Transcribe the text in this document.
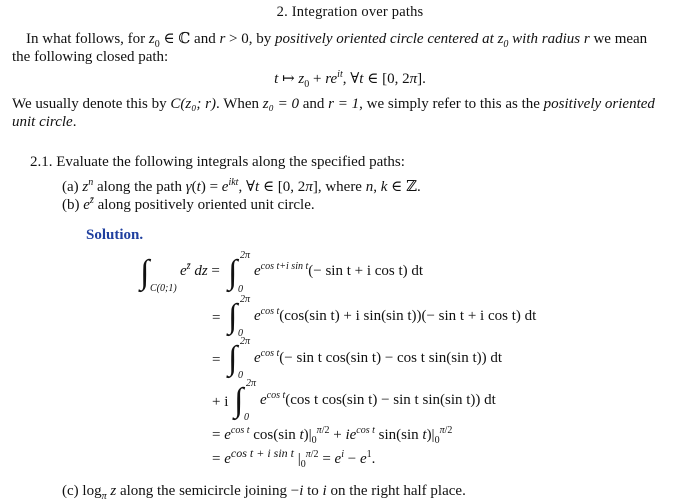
2. Integration over paths
In what follows, for $z_0$ ∈ ℂ and r > 0, by positively oriented circle centered at $z_0$ with radius r we mean
the following closed path:
t ↦ $z_0 + re^{it}$, ∀t ∈ [0, 2π].
We usually denote this by C(z₀; r). When z₀ = 0 and r = 1, we simply refer to this as the positively oriented
unit circle.
2.1. Evaluate the following integrals along the specified paths:
(a) $z^n$ along the path $\gamma(t) = e^{ikt}$, ∀t ∈ [0, 2π], where n, k ∈ ℤ.
(b) $e^{z̄}$ along positively oriented unit circle.
Solution.
∫ C(0;1)
$e^{z̄}$ dz = ∫ 2π
0
$e^{cos t+i sin t}(- \sin t + i$ cos t) dt
= ∫ 2π
0
$e^{cos t}(\cos(\sin$ t) + i sin(sin t))(− sin t + i cos t) dt
= ∫ 2π
0
$e^{cos t}(- \sin t$ cos(sin t) − cos t sin(sin t)) dt
+ i ∫ 2π
0
$e^{cos t}(\cos$ t cos(sin t) − sin t sin(sin t)) dt
= $e^{cos t}$ cos(sin $t)|_0^{\pi/2} + ie^{cos t}$ sin(sin $t)|_0^{\pi/2}$
= $e^{cos t + i sin t}$ $|_0^{\pi/2} = e^i - e^1$.
(c) $\log_\pi z$ along the semicircle joining −i to i on the right half place.
